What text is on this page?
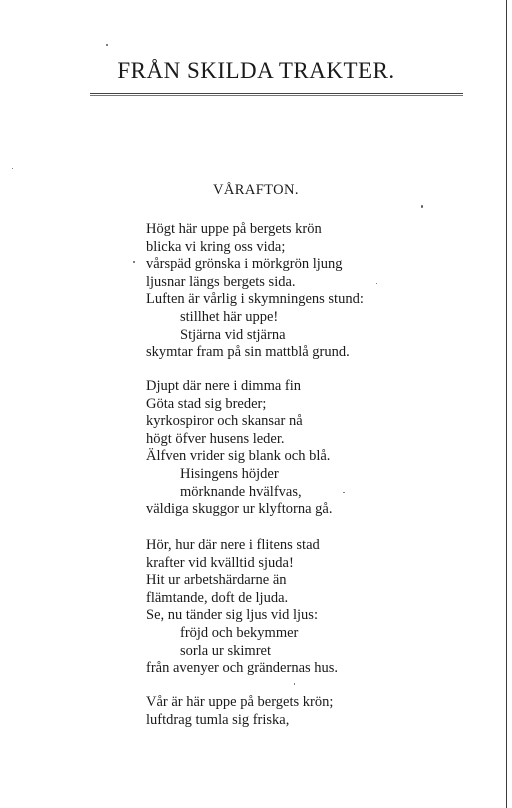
FRÅN SKILDA TRAKTER.
VÅRAFTON.
Högt här uppe på bergets krön
blicka vi kring oss vida;
vårspäd grönska i mörkgrön ljung
ljusnar längs bergets sida.
Luften är vårlig i skymningens stund:
stillhet här uppe!
Stjärna vid stjärna
skymtar fram på sin mattblå grund.
Djupt där nere i dimma fin
Göta stad sig breder;
kyrkospiror och skansar nå
högt öfver husens leder.
Älfven vrider sig blank och blå.
Hisingens höjder
mörknande hvälfvas,
väldiga skuggor ur klyftorna gå.
Hör, hur där nere i flitens stad
krafter vid kvälltid sjuda!
Hit ur arbetshärdarne än
flämtande, doft de ljuda.
Se, nu tänder sig ljus vid ljus:
fröjd och bekymmer
sorla ur skimret
från avenyer och grändernas hus.
Vår är här uppe på bergets krön;
luftdrag tumla sig friska,
